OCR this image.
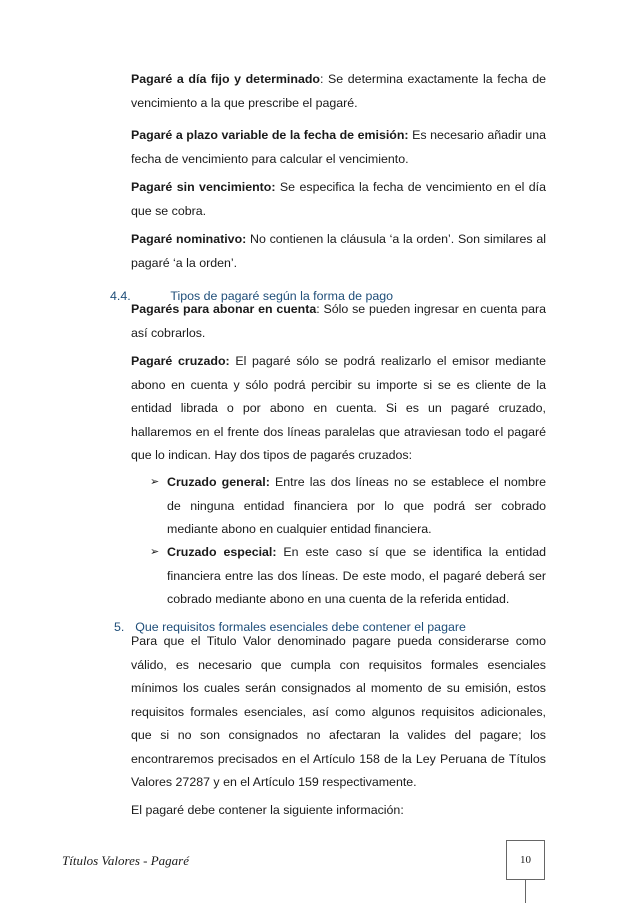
Pagaré a día fijo y determinado: Se determina exactamente la fecha de vencimiento a la que prescribe el pagaré.
Pagaré a plazo variable de la fecha de emisión: Es necesario añadir una fecha de vencimiento para calcular el vencimiento.
Pagaré sin vencimiento: Se especifica la fecha de vencimiento en el día que se cobra.
Pagaré nominativo: No contienen la cláusula ‘a la orden’. Son similares al pagaré ‘a la orden’.
4.4.	Tipos de pagaré según la forma de pago
Pagarés para abonar en cuenta: Sólo se pueden ingresar en cuenta para así cobrarlos.
Pagaré cruzado: El pagaré sólo se podrá realizarlo el emisor mediante abono en cuenta y sólo podrá percibir su importe si se es cliente de la entidad librada o por abono en cuenta. Si es un pagaré cruzado, hallaremos en el frente dos líneas paralelas que atraviesan todo el pagaré que lo indican. Hay dos tipos de pagarés cruzados:
➢ Cruzado general: Entre las dos líneas no se establece el nombre de ninguna entidad financiera por lo que podrá ser cobrado mediante abono en cualquier entidad financiera.
➢ Cruzado especial: En este caso sí que se identifica la entidad financiera entre las dos líneas. De este modo, el pagaré deberá ser cobrado mediante abono en una cuenta de la referida entidad.
5. Que requisitos formales esenciales debe contener el pagare
Para que el Titulo Valor denominado pagare pueda considerarse como válido, es necesario que cumpla con requisitos formales esenciales mínimos los cuales serán consignados al momento de su emisión, estos requisitos formales esenciales, así como algunos requisitos adicionales, que si no son consignados no afectaran la valides del pagare; los encontraremos precisados en el Artículo 158 de la Ley Peruana de Títulos Valores 27287 y en el Artículo 159 respectivamente.
El pagaré debe contener la siguiente información:
Títulos Valores - Pagaré	10
